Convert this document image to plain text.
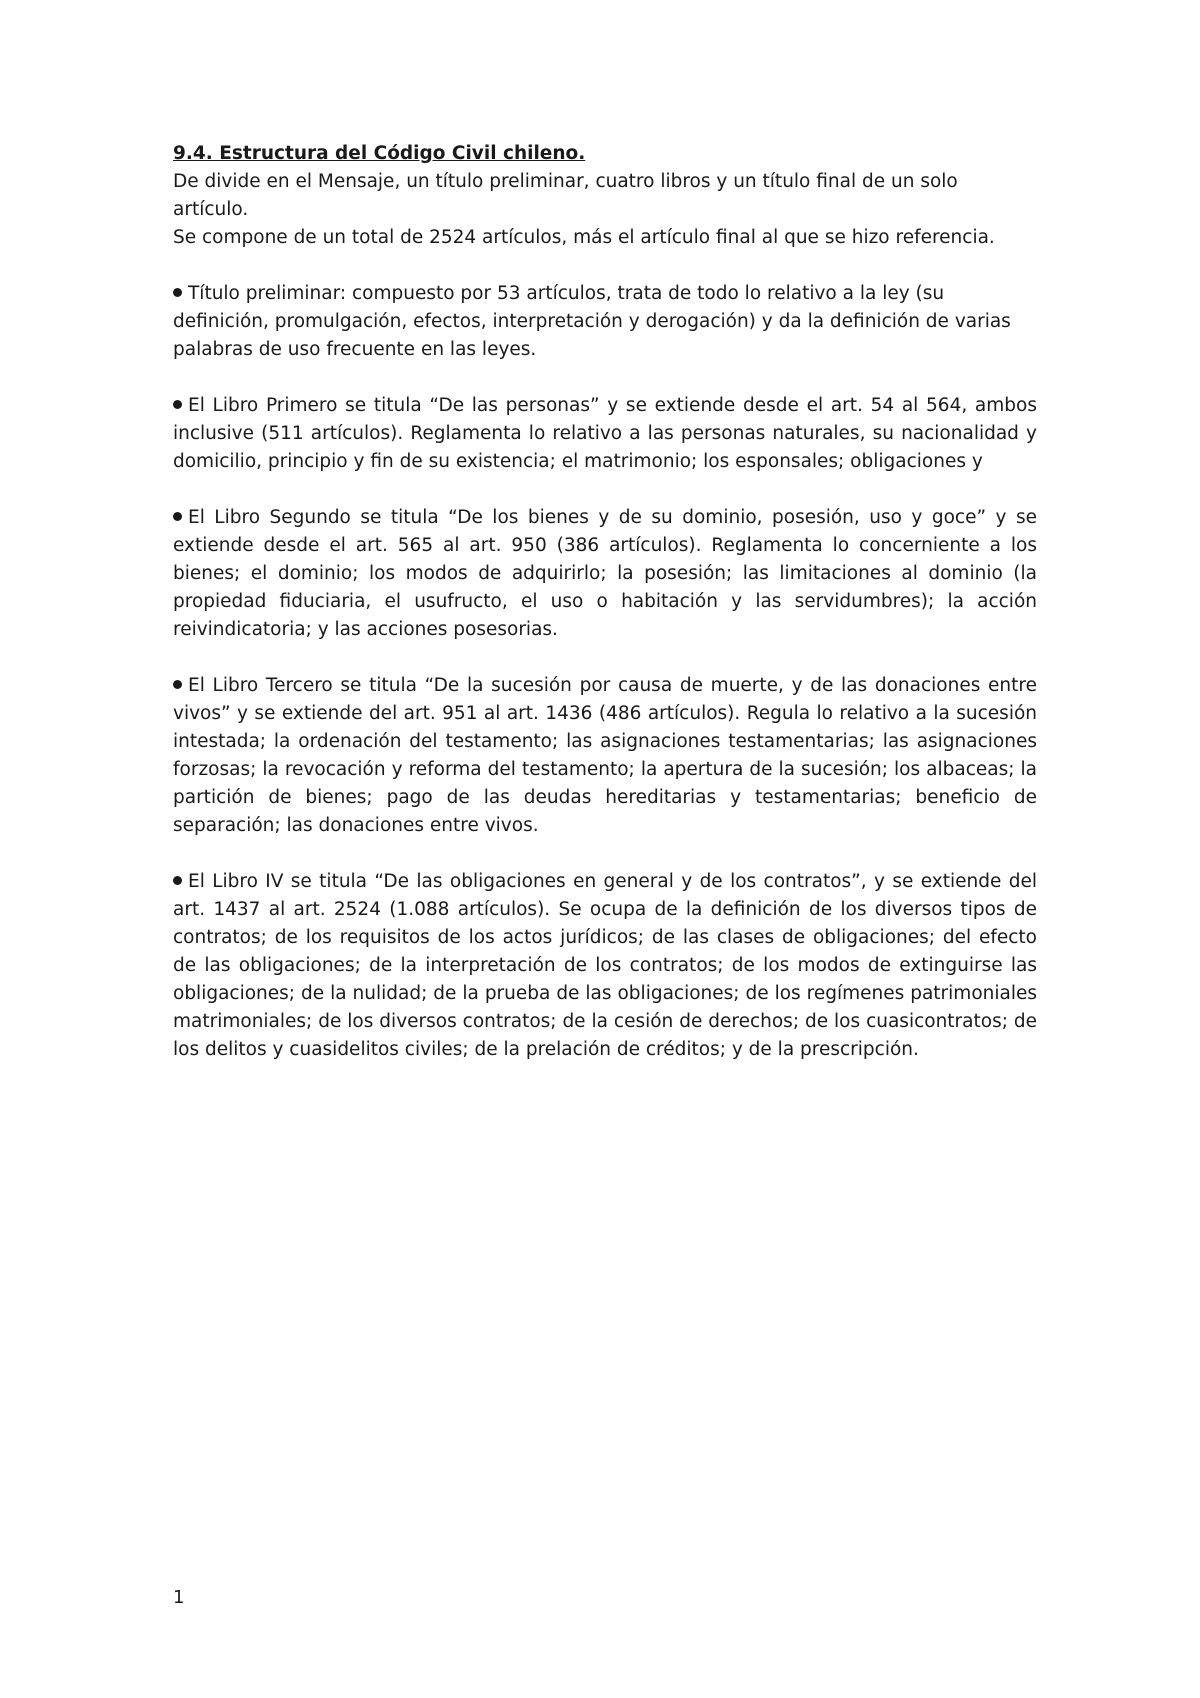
9.4. Estructura del Código Civil chileno.

De divide en el Mensaje, un título preliminar, cuatro libros y un título final de un solo artículo.

Se compone de un total de 2524 artículos, más el artículo final al que se hizo referencia.

Título preliminar: compuesto por 53 artículos, trata de todo lo relativo a la ley (su definición, promulgación, efectos, interpretación y derogación) y da la definición de varias palabras de uso frecuente en las leyes.

El Libro Primero se titula “De las personas” y se extiende desde el art. 54 al 564, ambos inclusive (511 artículos). Reglamenta lo relativo a las personas naturales, su nacionalidad y domicilio, principio y fin de su existencia; el matrimonio; los esponsales; obligaciones y

El Libro Segundo se titula “De los bienes y de su dominio, posesión, uso y goce” y se extiende desde el art. 565 al art. 950 (386 artículos). Reglamenta lo concerniente a los bienes; el dominio; los modos de adquirirlo; la posesión; las limitaciones al dominio (la propiedad fiduciaria, el usufructo, el uso o habitación y las servidumbres); la acción reivindicatoria; y las acciones posesorias.

El Libro Tercero se titula “De la sucesión por causa de muerte, y de las donaciones entre vivos” y se extiende del art. 951 al art. 1436 (486 artículos). Regula lo relativo a la sucesión intestada; la ordenación del testamento; las asignaciones testamentarias; las asignaciones forzosas; la revocación y reforma del testamento; la apertura de la sucesión; los albaceas; la partición de bienes; pago de las deudas hereditarias y testamentarias; beneficio de separación; las donaciones entre vivos.

El Libro IV se titula “De las obligaciones en general y de los contratos”, y se extiende del art. 1437 al art. 2524 (1.088 artículos). Se ocupa de la definición de los diversos tipos de contratos; de los requisitos de los actos jurídicos; de las clases de obligaciones; del efecto de las obligaciones; de la interpretación de los contratos; de los modos de extinguirse las obligaciones; de la nulidad; de la prueba de las obligaciones; de los regímenes patrimoniales matrimoniales; de los diversos contratos; de la cesión de derechos; de los cuasicontratos; de los delitos y cuasidelitos civiles; de la prelación de créditos; y de la prescripción.

1
